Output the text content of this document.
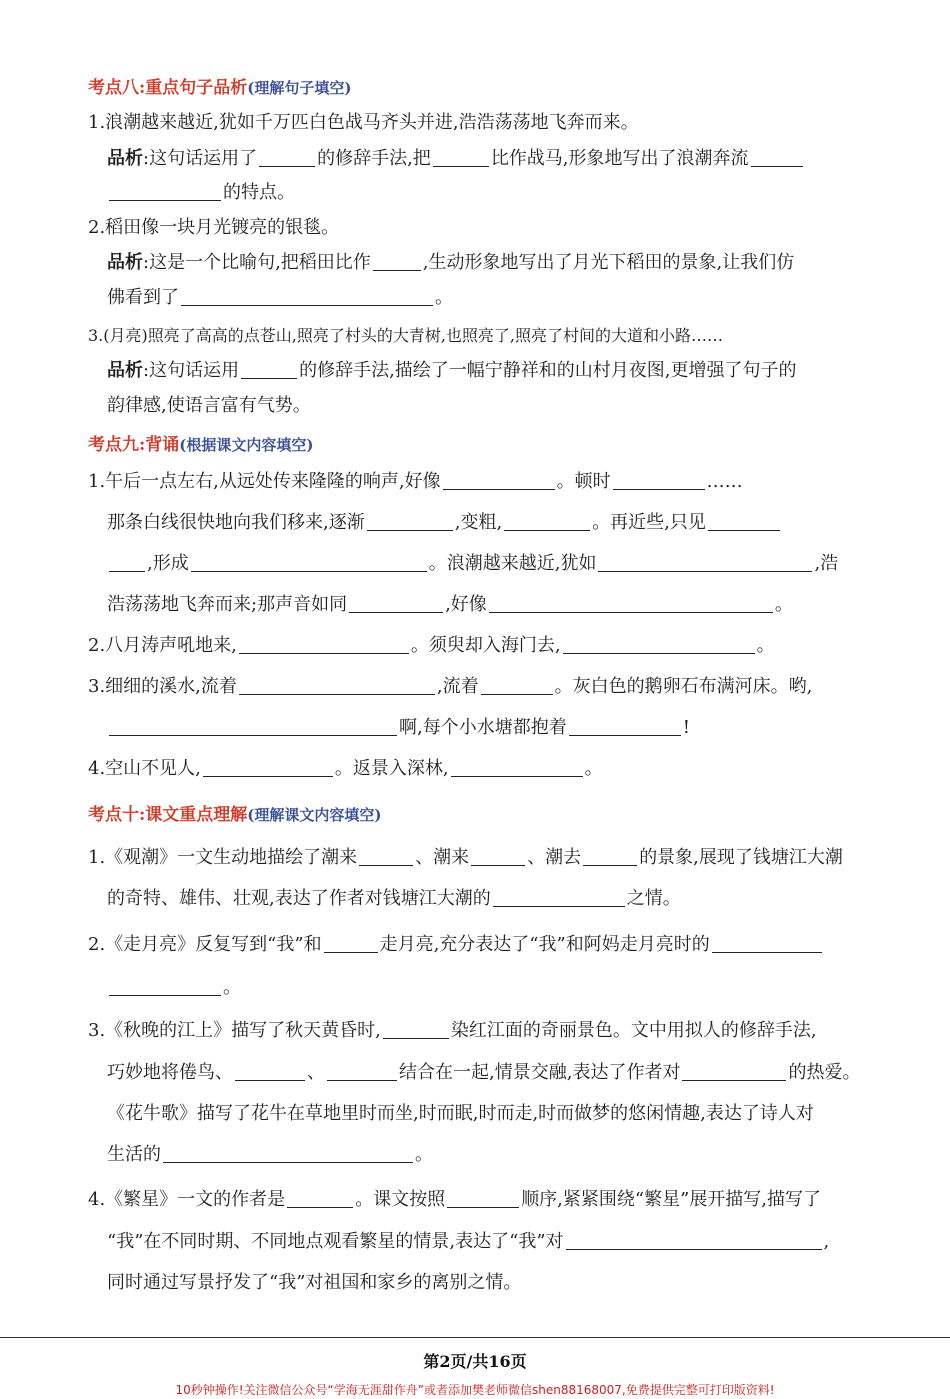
考点八:重点句子品析(理解句子填空)
1.浪潮越来越近,犹如千万匹白色战马齐头并进,浩浩荡荡地飞奔而来。
品析:这句话运用了	的修辞手法,把	比作战马,形象地写出了浪潮奔流
的特点。
2.稻田像一块月光镀亮的银毯。
品析:这是一个比喻句,把稻田比作	,生动形象地写出了月光下稻田的景象,让我们仿
佛看到了	。
3.(月亮)照亮了高高的点苍山,照亮了村头的大青树,也照亮了,照亮了村间的大道和小路……
品析:这句话运用	的修辞手法,描绘了一幅宁静祥和的山村月夜图,更增强了句子的
韵律感,使语言富有气势。
考点九:背诵(根据课文内容填空)
1.午后一点左右,从远处传来隆隆的响声,好像	。顿时	……
那条白线很快地向我们移来,逐渐	,变粗,	。再近些,只见
,形成	。浪潮越来越近,犹如	,浩
浩荡荡地飞奔而来;那声音如同	,好像	。
2.八月涛声吼地来,	。须臾却入海门去,	。
3.细细的溪水,流着	,流着	。灰白色的鹅卵石布满河床。哟,
啊,每个小水塘都抱着	!
4.空山不见人,	。返景入深林,	。
考点十:课文重点理解(理解课文内容填空)
1.《观潮》一文生动地描绘了潮来	、潮来	、潮去	的景象,展现了钱塘江大潮
的奇特、雄伟、壮观,表达了作者对钱塘江大潮的	之情。
2.《走月亮》反复写到“我”和	走月亮,充分表达了“我”和阿妈走月亮时的
。
3.《秋晚的江上》描写了秋天黄昏时,	染红江面的奇丽景色。文中用拟人的修辞手法,
巧妙地将倦鸟、	、	结合在一起,情景交融,表达了作者对	的热爱。
《花牛歌》描写了花牛在草地里时而坐,时而眠,时而走,时而做梦的悠闲情趣,表达了诗人对
生活的	。
4.《繁星》一文的作者是	。课文按照	顺序,紧紧围绕“繁星”展开描写,描写了
“我”在不同时期、不同地点观看繁星的情景,表达了“我”对	,
同时通过写景抒发了“我”对祖国和家乡的离别之情。
第2页/共16页
10秒钟操作!关注微信公众号“学海无涯甜作舟”或者添加樊老师微信shen88168007,免费提供完整可打印版资料!
